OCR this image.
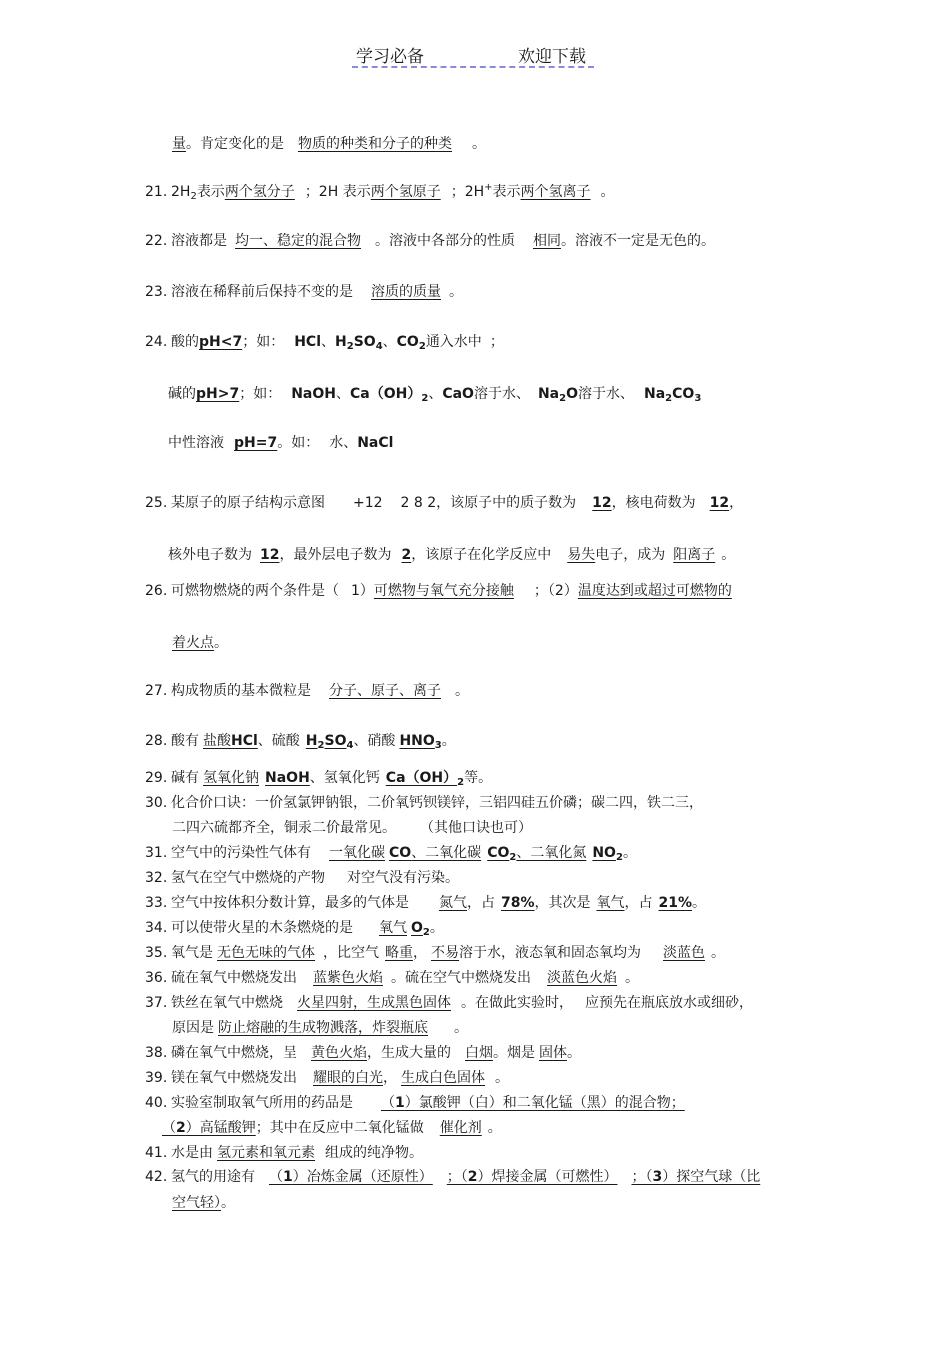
学习必备	欢迎下载
量。肯定变化的是 物质的种类和分子的种类 。
21. $2H_2$表示两个氢分子 ；2H 表示两个氢原子 ；2H+表示两个氢离子 。
22. 溶液都是 均一、稳定的混合物 。溶液中各部分的性质 相同。溶液不一定是无色的。
23. 溶液在稀释前后保持不变的是 溶质的质量 。
24. 酸的pH<7；如： HCl、$H_2SO_4$、$CO_2$通入水中 ；
碱的pH>7；如： NaOH、$Ca(OH)_2$、CaO溶于水、 $Na_2O$溶于水、 $Na_2CO_3$
中性溶液 pH=7。如： 水、NaCl
25. 某原子的原子结构示意图 +12 2 8 2，该原子中的质子数为 12，核电荷数为 12，
核外电子数为 12，最外层电子数为 2，该原子在化学反应中 易失电子，成为 阳离子 。
26. 可燃物燃烧的两个条件是（ 1）可燃物与氧气充分接触 ；（2）温度达到或超过可燃物的
着火点。
27. 构成物质的基本微粒是 分子、原子、离子 。
28. 酸有 盐酸HCl、硫酸 $H_2SO_4$、硝酸 $HNO_3$。
29. 碱有 氢氧化钠 NaOH、氢氧化钙 $Ca(OH)_2$等。
30. 化合价口诀：一价氢氯钾钠银，二价氧钙钡镁锌，三铝四硅五价磷；碳二四，铁二三，
二四六硫都齐全，铜汞二价最常见。 （其他口诀也可）
31. 空气中的污染性气体有 一氧化碳 CO、二氧化碳 $CO_2$、二氧化氮 $NO_2$。
32. 氢气在空气中燃烧的产物 对空气没有污染。
33. 空气中按体积分数计算，最多的气体是 氮气，占 78%，其次是 氧气，占 21%。
34. 可以使带火星的木条燃烧的是 氧气 $O_2$。
35. 氧气是 无色无味的气体 ，比空气 略重， 不易溶于水，液态氧和固态氧均为 淡蓝色 。
36. 硫在氧气中燃烧发出 蓝紫色火焰 。硫在空气中燃烧发出 淡蓝色火焰 。
37. 铁丝在氧气中燃烧 火星四射，生成黑色固体 。在做此实验时， 应预先在瓶底放水或细砂，
原因是 防止熔融的生成物溅落，炸裂瓶底 。
38. 磷在氧气中燃烧，呈 黄色火焰，生成大量的 白烟。烟是 固体。
39. 镁在氧气中燃烧发出 耀眼的白光， 生成白色固体 。
40. 实验室制取氧气所用的药品是 （1）氯酸钾（白）和二氧化锰（黑）的混合物；
（2）高锰酸钾；其中在反应中二氧化锰做 催化剂 。
41. 水是由 氢元素和氧元素 组成的纯净物。
42. 氢气的用途有 （1）冶炼金属（还原性） ；（2）焊接金属（可燃性） ；（3）探空气球（比
空气轻）。
